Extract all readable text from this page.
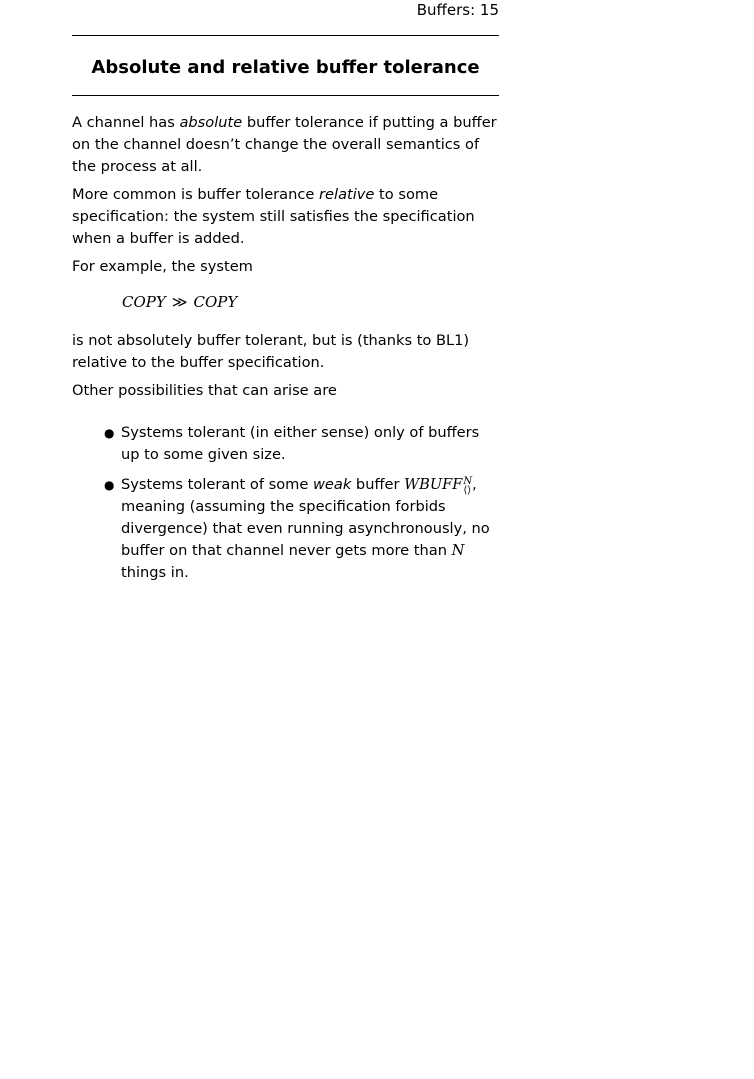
Buffers: 15
Absolute and relative buffer tolerance

A channel has absolute buffer tolerance if putting a buffer on the channel doesn’t change the overall semantics of the process at all.

More common is buffer tolerance relative to some specification: the system still satisfies the specification when a buffer is added.

For example, the system

COPY ≫ COPY

is not absolutely buffer tolerant, but is (thanks to BL1) relative to the buffer specification.

Other possibilities that can arise are

● Systems tolerant (in either sense) only of buffers up to some given size.
● Systems tolerant of some weak buffer WBUFF N
⟨⟩ , meaning (assuming the specification forbids divergence) that even running asynchronously, no buffer on that channel never gets more than N things in.
